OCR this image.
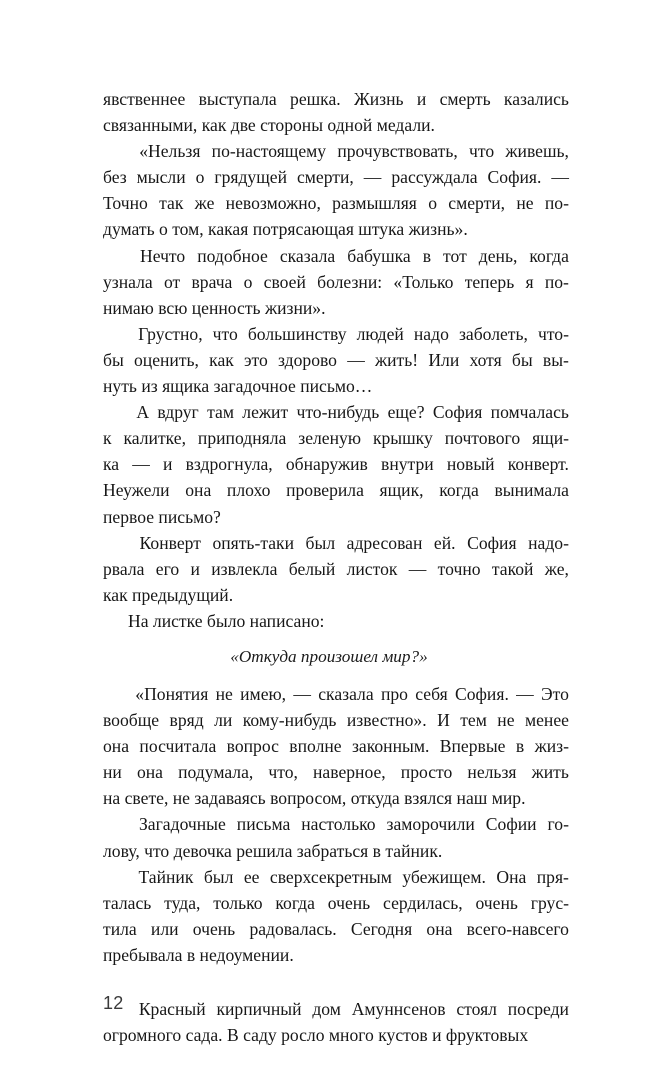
явственнее выступала решка. Жизнь и смерть казались
связанными, как две стороны одной медали.

«Нельзя по-настоящему прочувствовать, что живешь,
без мысли о грядущей смерти, — рассуждала София. —
Точно так же невозможно, размышляя о смерти, не по-
думать о том, какая потрясающая штука жизнь».

Нечто подобное сказала бабушка в тот день, когда
узнала от врача о своей болезни: «Только теперь я по-
нимаю всю ценность жизни».

Грустно, что большинству людей надо заболеть, что-
бы оценить, как это здорово — жить! Или хотя бы вы-
нуть из ящика загадочное письмо…

А вдруг там лежит что-нибудь еще? София помчалась
к калитке, приподняла зеленую крышку почтового ящи-
ка — и вздрогнула, обнаружив внутри новый конверт.
Неужели она плохо проверила ящик, когда вынимала
первое письмо?

Конверт опять-таки был адресован ей. София надо-
рвала его и извлекла белый листок — точно такой же,
как предыдущий.

На листке было написано:

«Откуда произошел мир?»

«Понятия не имею, — сказала про себя София. — Это
вообще вряд ли кому-нибудь известно». И тем не менее
она посчитала вопрос вполне законным. Впервые в жиз-
ни она подумала, что, наверное, просто нельзя жить
на свете, не задаваясь вопросом, откуда взялся наш мир.

Загадочные письма настолько заморочили Софии го-
лову, что девочка решила забраться в тайник.

Тайник был ее сверхсекретным убежищем. Она пря-
талась туда, только когда очень сердилась, очень грус-
тила или очень радовалась. Сегодня она всего-навсего
пребывала в недоумении.

Красный кирпичный дом Амуннсенов стоял посреди
огромного сада. В саду росло много кустов и фруктовых

12
